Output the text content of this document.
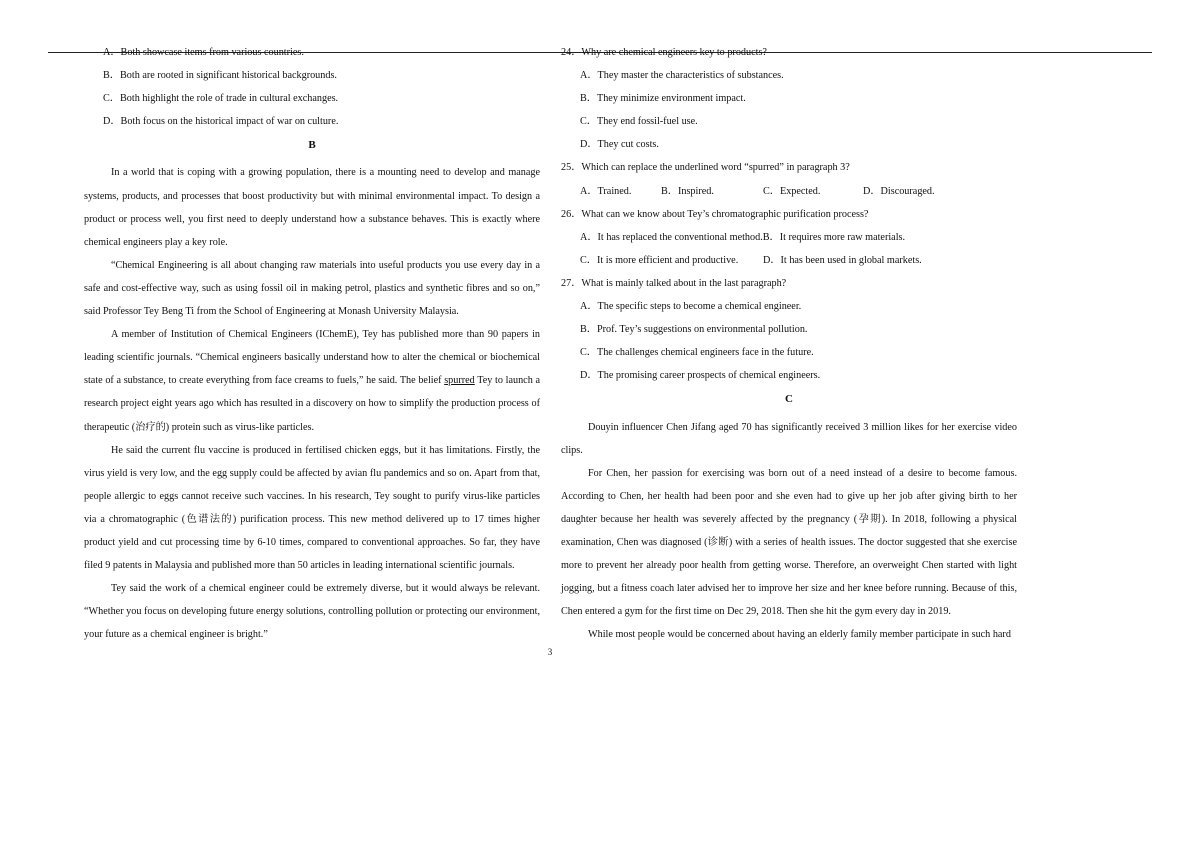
A．Both showcase items from various countries.
B．Both are rooted in significant historical backgrounds.
C．Both highlight the role of trade in cultural exchanges.
D．Both focus on the historical impact of war on culture.
B

In a world that is coping with a growing population, there is a mounting need to develop and manage systems, products, and processes that boost productivity but with minimal environmental impact. To design a product or process well, you first need to deeply understand how a substance behaves. This is exactly where chemical engineers play a key role.

“Chemical Engineering is all about changing raw materials into useful products you use every day in a safe and cost-effective way, such as using fossil oil in making petrol, plastics and synthetic fibres and so on,” said Professor Tey Beng Ti from the School of Engineering at Monash University Malaysia.

A member of Institution of Chemical Engineers (IChemE), Tey has published more than 90 papers in leading scientific journals. “Chemical engineers basically understand how to alter the chemical or biochemical state of a substance, to create everything from face creams to fuels,” he said. The belief spurred Tey to launch a research project eight years ago which has resulted in a discovery on how to simplify the production process of therapeutic (治疗的) protein such as virus-like particles.

He said the current flu vaccine is produced in fertilised chicken eggs, but it has limitations. Firstly, the virus yield is very low, and the egg supply could be affected by avian flu pandemics and so on. Apart from that, people allergic to eggs cannot receive such vaccines. In his research, Tey sought to purify virus-like particles via a chromatographic (色谱法的) purification process. This new method delivered up to 17 times higher product yield and cut processing time by 6-10 times, compared to conventional approaches. So far, they have filed 9 patents in Malaysia and published more than 50 articles in leading international scientific journals.

Tey said the work of a chemical engineer could be extremely diverse, but it would always be relevant. “Whether you focus on developing future energy solutions, controlling pollution or protecting our environment, your future as a chemical engineer is bright.”

24．Why are chemical engineers key to products?
A．They master the characteristics of substances.
B．They minimize environment impact.
C．They end fossil-fuel use.
D．They cut costs.
25．Which can replace the underlined word “spurred” in paragraph 3?
A．Trained.	B．Inspired.	C．Expected.	D．Discouraged.
26．What can we know about Tey’s chromatographic purification process?
A．It has replaced the conventional method. B．It requires more raw materials.
C．It is more efficient and productive.	D．It has been used in global markets.
27．What is mainly talked about in the last paragraph?
A．The specific steps to become a chemical engineer.
B．Prof. Tey’s suggestions on environmental pollution.
C．The challenges chemical engineers face in the future.
D．The promising career prospects of chemical engineers.
C

Douyin influencer Chen Jifang aged 70 has significantly received 3 million likes for her exercise video clips.

For Chen, her passion for exercising was born out of a need instead of a desire to become famous. According to Chen, her health had been poor and she even had to give up her job after giving birth to her daughter because her health was severely affected by the pregnancy (孕期). In 2018, following a physical examination, Chen was diagnosed (诊断) with a series of health issues. The doctor suggested that she exercise more to prevent her already poor health from getting worse. Therefore, an overweight Chen started with light jogging, but a fitness coach later advised her to improve her size and her knee before running. Because of this, Chen entered a gym for the first time on Dec 29, 2018. Then she hit the gym every day in 2019.

While most people would be concerned about having an elderly family member participate in such hard

3
